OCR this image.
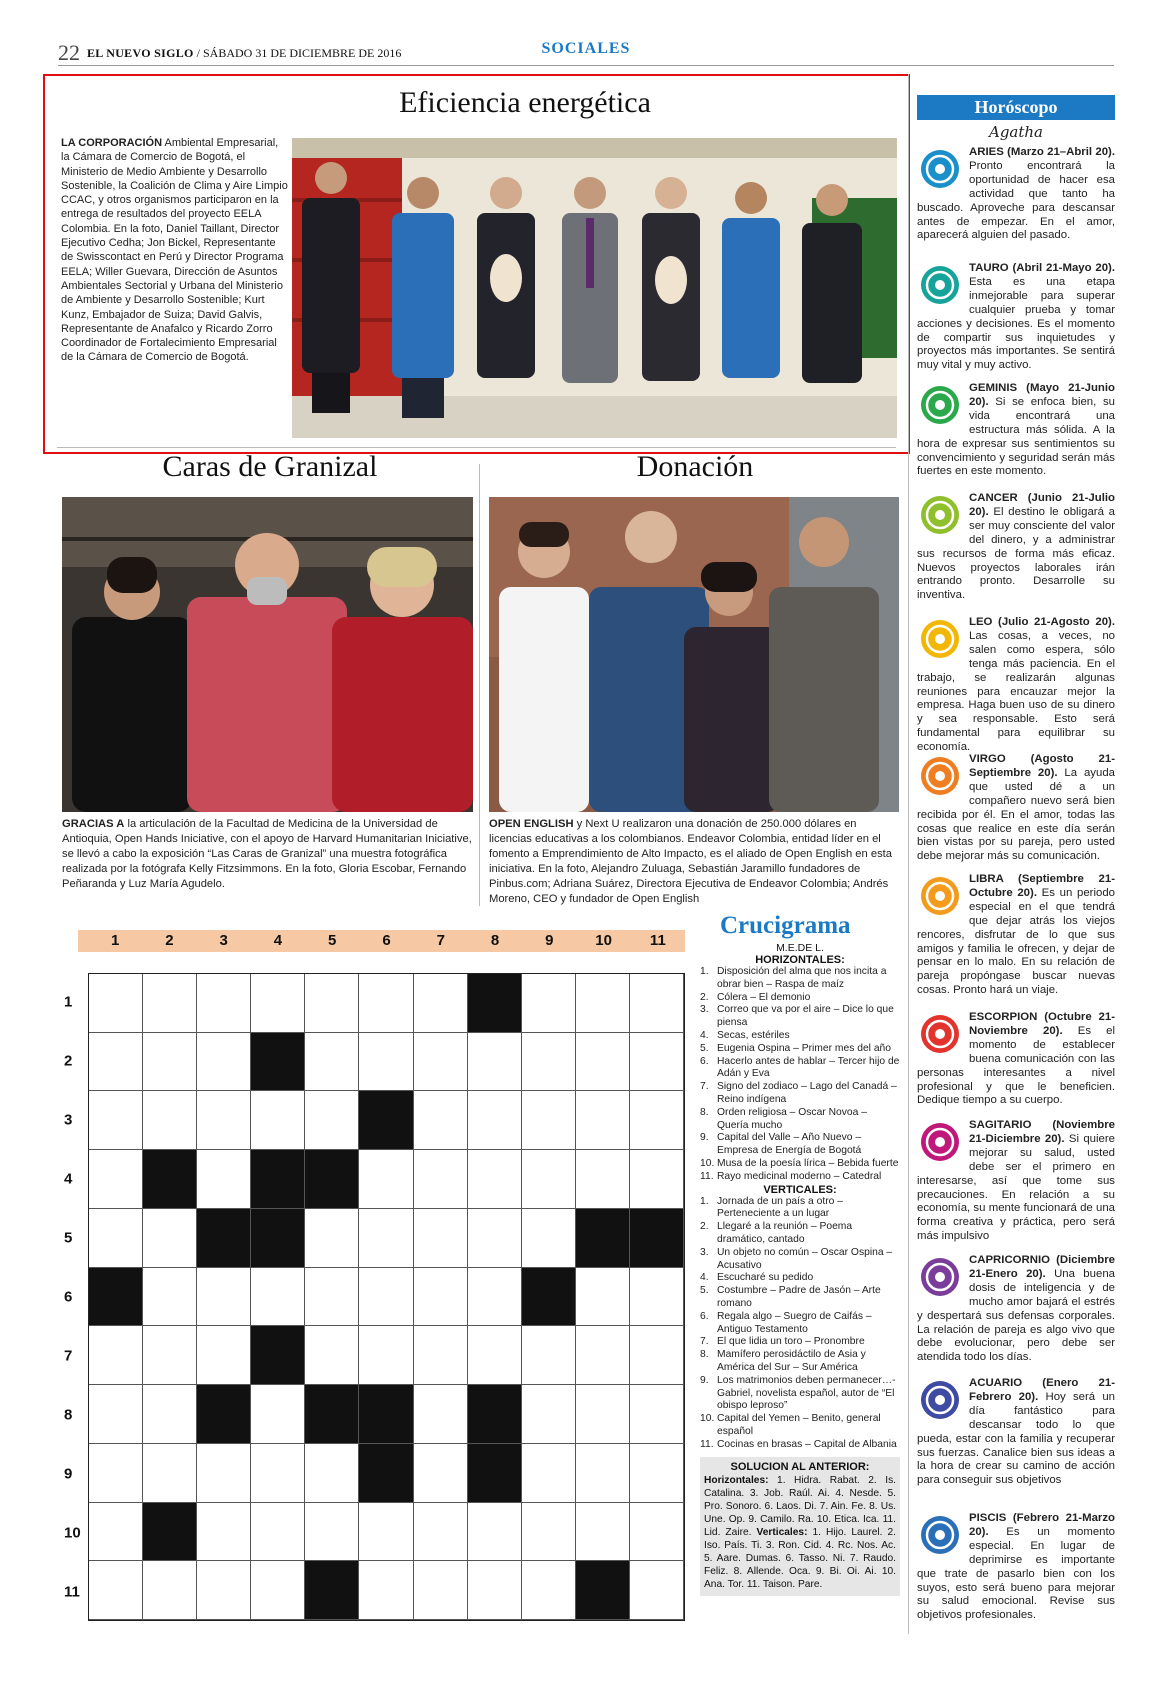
22 EL NUEVO SIGLO / SÁBADO 31 DE DICIEMBRE DE 2016	SOCIALES
Eficiencia energética
LA CORPORACIÓN Ambiental Empresarial, la Cámara de Comercio de Bogotá, el Ministerio de Medio Ambiente y Desarrollo Sostenible, la Coalición de Clima y Aire Limpio CCAC, y otros organismos participaron en la entrega de resultados del proyecto EELA Colombia. En la foto, Daniel Taillant, Director Ejecutivo Cedha; Jon Bickel, Representante de Swisscontact en Perú y Director Programa EELA; Willer Guevara, Dirección de Asuntos Ambientales Sectorial y Urbana del Ministerio de Ambiente y Desarrollo Sostenible; Kurt Kunz, Embajador de Suiza; David Galvis, Representante de Anafalco y Ricardo Zorro Coordinador de Fortalecimiento Empresarial de la Cámara de Comercio de Bogotá.
Caras de Granizal
GRACIAS A la articulación de la Facultad de Medicina de la Universidad de Antioquia, Open Hands Iniciative, con el apoyo de Harvard Humanitarian Iniciative, se llevó a cabo la exposición “Las Caras de Granizal” una muestra fotográfica realizada por la fotógrafa Kelly Fitzsimmons. En la foto, Gloria Escobar, Fernando Peñaranda y Luz María Agudelo.
Donación
OPEN ENGLISH y Next U realizaron una donación de 250.000 dólares en licencias educativas a los colombianos. Endeavor Colombia, entidad líder en el fomento a Emprendimiento de Alto Impacto, es el aliado de Open English en esta iniciativa. En la foto, Alejandro Zuluaga, Sebastián Jaramillo fundadores de Pinbus.com; Adriana Suárez, Directora Ejecutiva de Endeavor Colombia; Andrés Moreno, CEO y fundador de Open English
1	2	3	4	5	6	7	8	9	10	11
1
2
3
4
5
6
7
8
9
10
11
Crucigrama
M.E.DE L.
HORIZONTALES:
1. Disposición del alma que nos incita a obrar bien – Raspa de maíz
2. Cólera – El demonio
3. Correo que va por el aire – Dice lo que piensa
4. Secas, estériles
5. Eugenia Ospina – Primer mes del año
6. Hacerlo antes de hablar – Tercer hijo de Adán y Eva
7. Signo del zodiaco – Lago del Canadá – Reino indígena
8. Orden religiosa – Oscar Novoa – Quería mucho
9. Capital del Valle – Año Nuevo – Empresa de Energía de Bogotá
10. Musa de la poesía lírica – Bebida fuerte
11. Rayo medicinal moderno – Catedral
VERTICALES:
1. Jornada de un país a otro – Perteneciente a un lugar
2. Llegaré a la reunión – Poema dramático, cantado
3. Un objeto no común – Oscar Ospina – Acusativo
4. Escucharé su pedido
5. Costumbre – Padre de Jasón – Arte romano
6. Regala algo – Suegro de Caifás – Antiguo Testamento
7. El que lidia un toro – Pronombre
8. Mamífero perosidáctilo de Asia y América del Sur – Sur América
9. Los matrimonios deben permanecer…- Gabriel, novelista español, autor de “El obispo leproso”
10. Capital del Yemen – Benito, general español
11. Cocinas en brasas – Capital de Albania
SOLUCION AL ANTERIOR:
Horizontales: 1. Hidra. Rabat. 2. Is. Catalina. 3. Job. Raúl. Ai. 4. Nesde. 5. Pro. Sonoro. 6. Laos. Di. 7. Ain. Fe. 8. Us. Une. Op. 9. Camilo. Ra. 10. Etica. Ica. 11. Lid. Zaire. Verticales: 1. Hijo. Laurel. 2. Iso. País. Ti. 3. Ron. Cid. 4. Rc. Nos. Ac. 5. Aare. Dumas. 6. Tasso. Ni. 7. Raudo. Feliz. 8. Allende. Oca. 9. Bi. Oi. Ai. 10. Ana. Tor. 11. Taison. Pare.
Horóscopo
Agatha
ARIES (Marzo 21–Abril 20). Pronto encontrará la oportunidad de hacer esa actividad que tanto ha buscado. Aproveche para descansar antes de empezar. En el amor, aparecerá alguien del pasado.
TAURO (Abril 21-Mayo 20). Esta es una etapa inmejorable para superar cualquier prueba y tomar acciones y decisiones. Es el momento de compartir sus inquietudes y proyectos más importantes. Se sentirá muy vital y muy activo.
GEMINIS (Mayo 21-Junio 20). Si se enfoca bien, su vida encontrará una estructura más sólida. A la hora de expresar sus sentimientos su convencimiento y seguridad serán más fuertes en este momento.
CANCER (Junio 21-Julio 20). El destino le obligará a ser muy consciente del valor del dinero, y a administrar sus recursos de forma más eficaz. Nuevos proyectos laborales irán entrando pronto. Desarrolle su inventiva.
LEO (Julio 21-Agosto 20). Las cosas, a veces, no salen como espera, sólo tenga más paciencia. En el trabajo, se realizarán algunas reuniones para encauzar mejor la empresa. Haga buen uso de su dinero y sea responsable. Esto será fundamental para equilibrar su economía.
VIRGO (Agosto 21-Septiembre 20). La ayuda que usted dé a un compañero nuevo será bien recibida por él. En el amor, todas las cosas que realice en este día serán bien vistas por su pareja, pero usted debe mejorar más su comunicación.
LIBRA (Septiembre 21-Octubre 20). Es un periodo especial en el que tendrá que dejar atrás los viejos rencores, disfrutar de lo que sus amigos y familia le ofrecen, y dejar de pensar en lo malo. En su relación de pareja propóngase buscar nuevas cosas. Pronto hará un viaje.
ESCORPION (Octubre 21-Noviembre 20). Es el momento de establecer buena comunicación con las personas interesantes a nivel profesional y que le beneficien. Dedique tiempo a su cuerpo.
SAGITARIO (Noviembre 21-Diciembre 20). Si quiere mejorar su salud, usted debe ser el primero en interesarse, así que tome sus precauciones. En relación a su economía, su mente funcionará de una forma creativa y práctica, pero será más impulsivo
CAPRICORNIO (Diciembre 21-Enero 20). Una buena dosis de inteligencia y de mucho amor bajará el estrés y despertará sus defensas corporales. La relación de pareja es algo vivo que debe evolucionar, pero debe ser atendida todo los días.
ACUARIO (Enero 21-Febrero 20). Hoy será un día fantástico para descansar todo lo que pueda, estar con la familia y recuperar sus fuerzas. Canalice bien sus ideas a la hora de crear su camino de acción para conseguir sus objetivos
PISCIS (Febrero 21-Marzo 20). Es un momento especial. En lugar de deprimirse es importante que trate de pasarlo bien con los suyos, esto será bueno para mejorar su salud emocional. Revise sus objetivos profesionales.
